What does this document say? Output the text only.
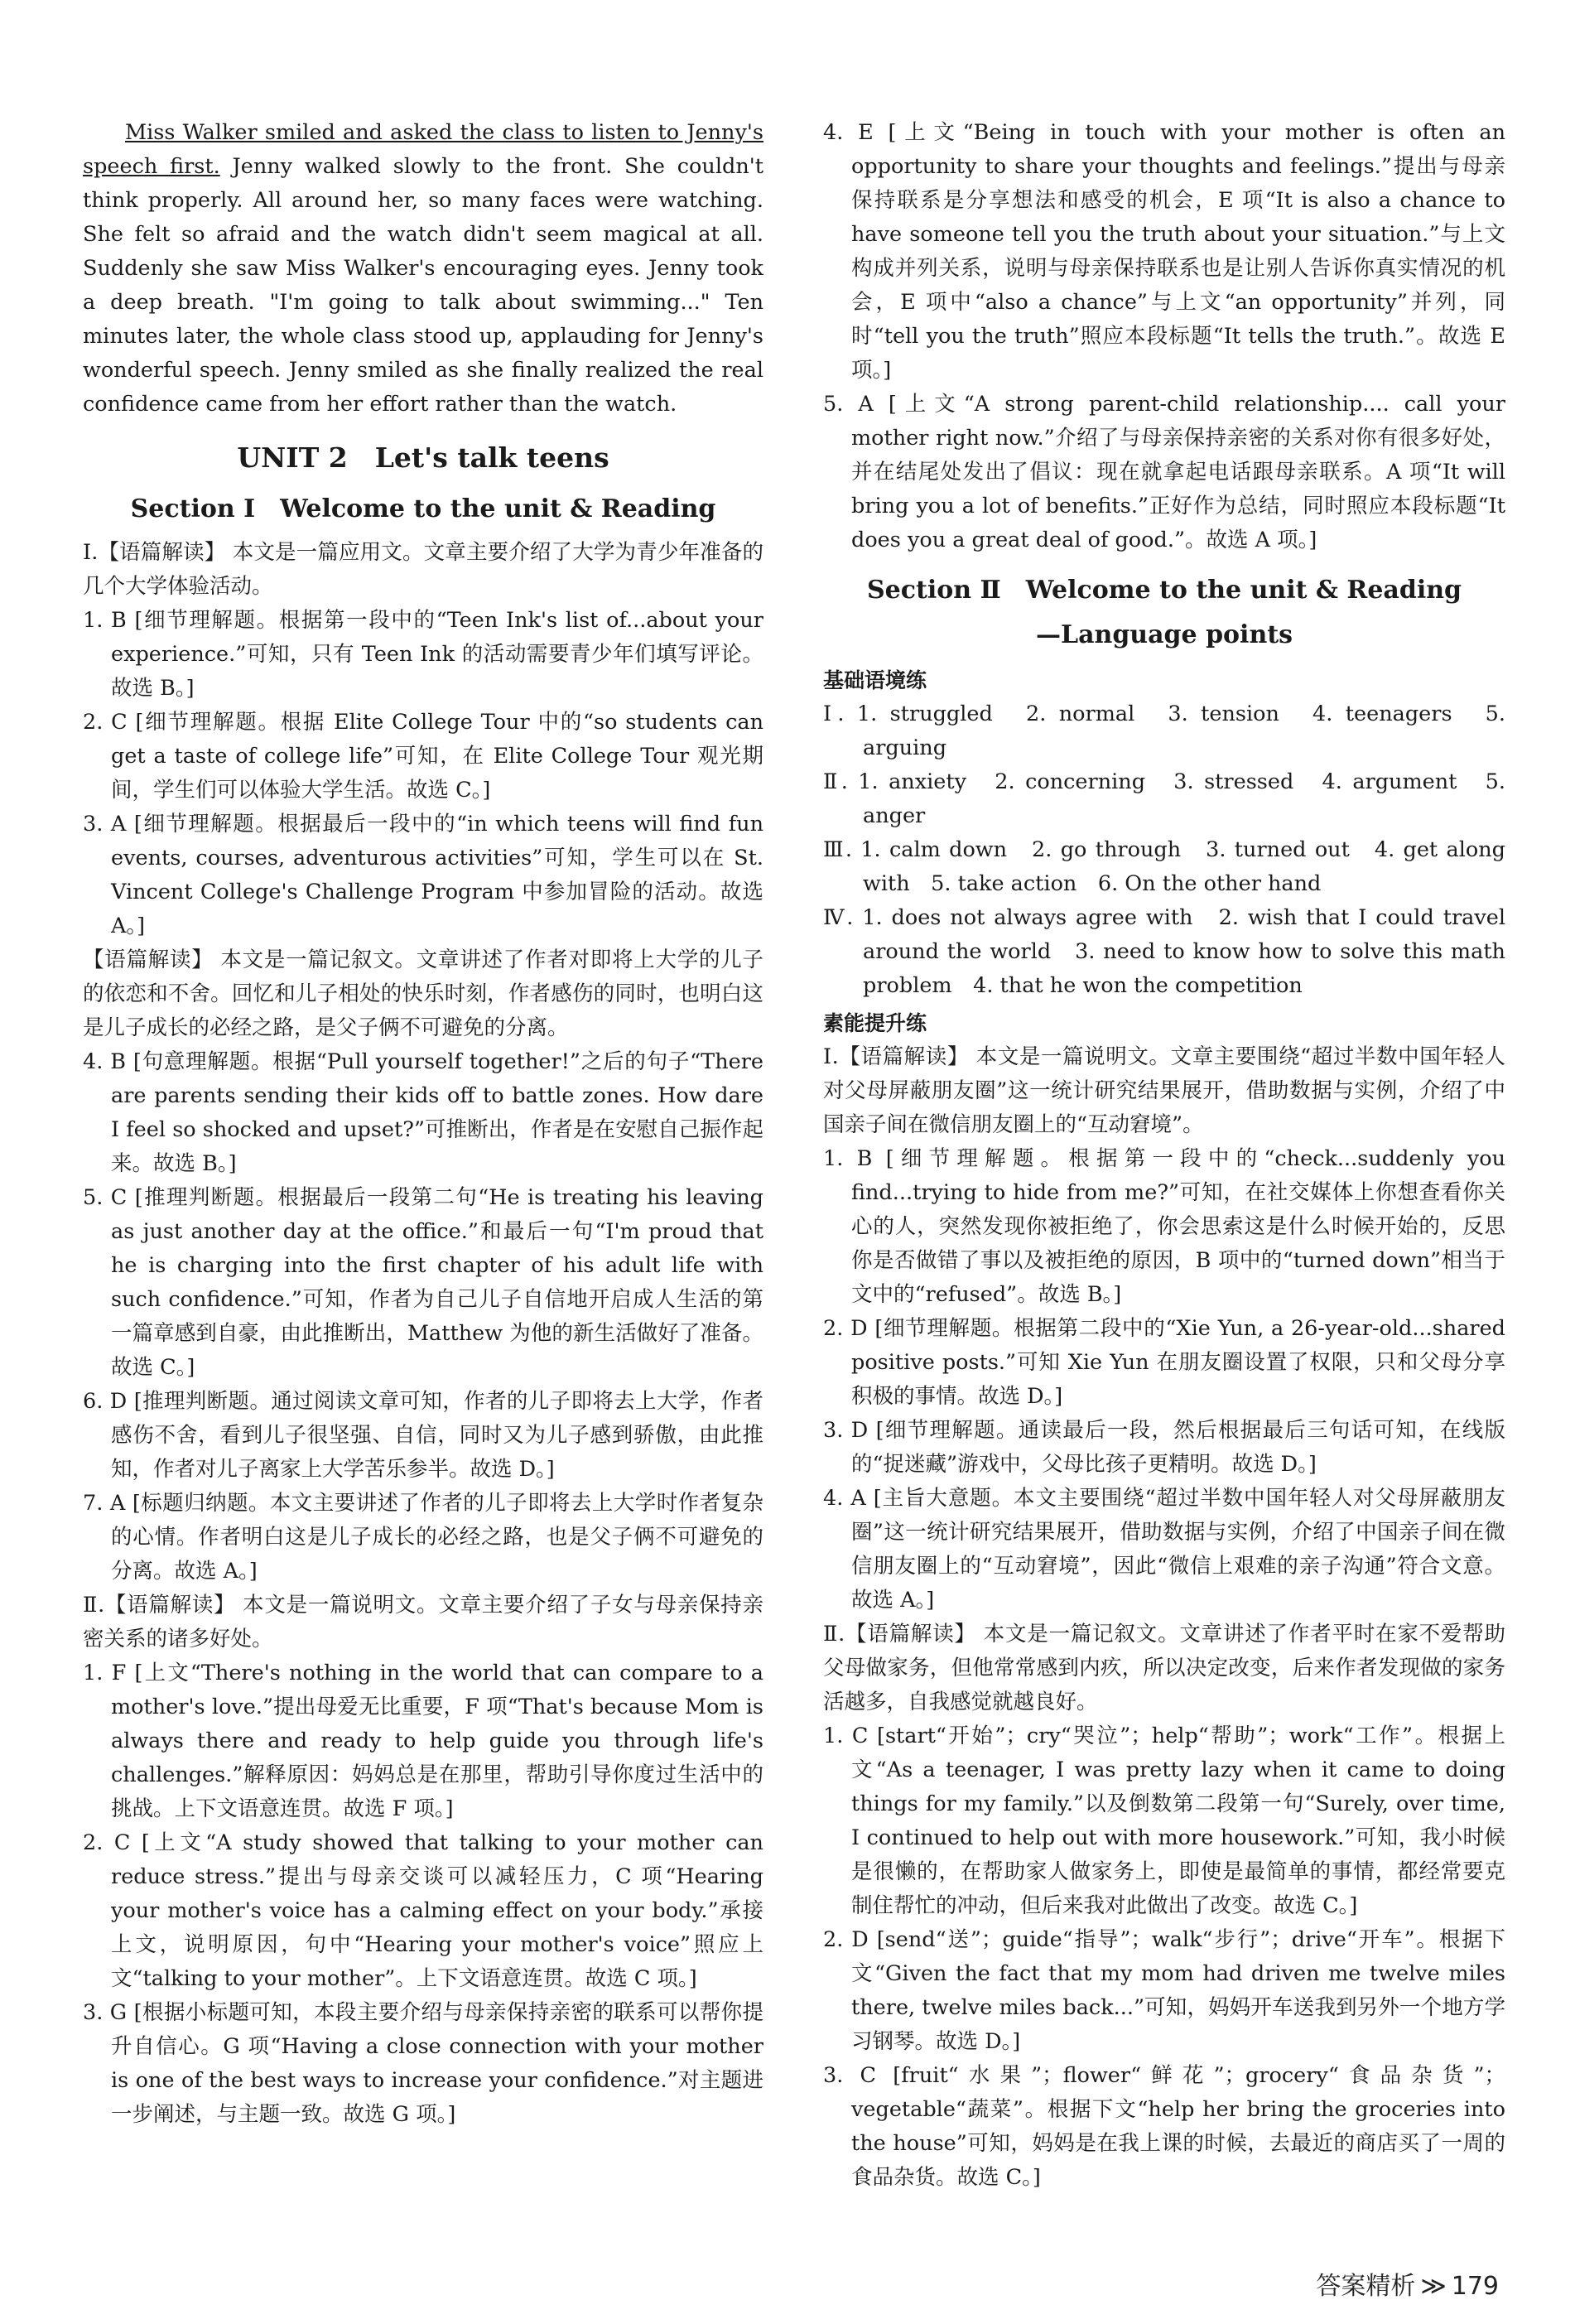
Miss Walker smiled and asked the class to listen to Jenny's speech first. Jenny walked slowly to the front. She couldn't think properly. All around her, so many faces were watching. She felt so afraid and the watch didn't seem magical at all. Suddenly she saw Miss Walker's encouraging eyes. Jenny took a deep breath. "I'm going to talk about swimming..." Ten minutes later, the whole class stood up, applauding for Jenny's wonderful speech. Jenny smiled as she finally realized the real confidence came from her effort rather than the watch.

UNIT 2　Let's talk teens
Section Ⅰ　Welcome to the unit & Reading

Ⅰ.【语篇解读】 本文是一篇应用文。文章主要介绍了大学为青少年准备的几个大学体验活动。

1. B [细节理解题。根据第一段中的“Teen Ink's list of...about your experience.”可知，只有 Teen Ink 的活动需要青少年们填写评论。故选 B。]

2. C [细节理解题。根据 Elite College Tour 中的“so students can get a taste of college life”可知，在 Elite College Tour 观光期间，学生们可以体验大学生活。故选 C。]

3. A [细节理解题。根据最后一段中的“in which teens will find fun events, courses, adventurous activities”可知，学生可以在 St. Vincent College's Challenge Program 中参加冒险的活动。故选 A。]

【语篇解读】 本文是一篇记叙文。文章讲述了作者对即将上大学的儿子的依恋和不舍。回忆和儿子相处的快乐时刻，作者感伤的同时，也明白这是儿子成长的必经之路，是父子俩不可避免的分离。

4. B [句意理解题。根据“Pull yourself together!”之后的句子“There are parents sending their kids off to battle zones. How dare I feel so shocked and upset?”可推断出，作者是在安慰自己振作起来。故选 B。]

5. C [推理判断题。根据最后一段第二句“He is treating his leaving as just another day at the office.”和最后一句“I'm proud that he is charging into the first chapter of his adult life with such confidence.”可知，作者为自己儿子自信地开启成人生活的第一篇章感到自豪，由此推断出，Matthew 为他的新生活做好了准备。故选 C。]

6. D [推理判断题。通过阅读文章可知，作者的儿子即将去上大学，作者感伤不舍，看到儿子很坚强、自信，同时又为儿子感到骄傲，由此推知，作者对儿子离家上大学苦乐参半。故选 D。]

7. A [标题归纳题。本文主要讲述了作者的儿子即将去上大学时作者复杂的心情。作者明白这是儿子成长的必经之路，也是父子俩不可避免的分离。故选 A。]

Ⅱ.【语篇解读】 本文是一篇说明文。文章主要介绍了子女与母亲保持亲密关系的诸多好处。

1. F [上文“There's nothing in the world that can compare to a mother's love.”提出母爱无比重要，F 项“That's because Mom is always there and ready to help guide you through life's challenges.”解释原因：妈妈总是在那里，帮助引导你度过生活中的挑战。上下文语意连贯。故选 F 项。]

2. C [上文“A study showed that talking to your mother can reduce stress.”提出与母亲交谈可以减轻压力，C 项“Hearing your mother's voice has a calming effect on your body.”承接上文，说明原因，句中“Hearing your mother's voice”照应上文“talking to your mother”。上下文语意连贯。故选 C 项。]

3. G [根据小标题可知，本段主要介绍与母亲保持亲密的联系可以帮你提升自信心。G 项“Having a close connection with your mother is one of the best ways to increase your confidence.”对主题进一步阐述，与主题一致。故选 G 项。]

4. E [上文“Being in touch with your mother is often an opportunity to share your thoughts and feelings.”提出与母亲保持联系是分享想法和感受的机会，E 项“It is also a chance to have someone tell you the truth about your situation.”与上文构成并列关系，说明与母亲保持联系也是让别人告诉你真实情况的机会，E 项中“also a chance”与上文“an opportunity”并列，同时“tell you the truth”照应本段标题“It tells the truth.”。故选 E 项。]

5. A [上文“A strong parent-child relationship.... call your mother right now.”介绍了与母亲保持亲密的关系对你有很多好处，并在结尾处发出了倡议：现在就拿起电话跟母亲联系。A 项“It will bring you a lot of benefits.”正好作为总结，同时照应本段标题“It does you a great deal of good.”。故选 A 项。]

Section Ⅱ　Welcome to the unit & Reading
—Language points
基础语境练

Ⅰ. 1. struggled　2. normal　3. tension　4. teenagers　5. arguing

Ⅱ. 1. anxiety　2. concerning　3. stressed　4. argument　5. anger

Ⅲ. 1. calm down　2. go through　3. turned out　4. get along with　5. take action　6. On the other hand

Ⅳ. 1. does not always agree with　2. wish that I could travel around the world　3. need to know how to solve this math problem　4. that he won the competition

素能提升练

Ⅰ.【语篇解读】 本文是一篇说明文。文章主要围绕“超过半数中国年轻人对父母屏蔽朋友圈”这一统计研究结果展开，借助数据与实例，介绍了中国亲子间在微信朋友圈上的“互动窘境”。

1. B [细节理解题。根据第一段中的“check...suddenly you find...trying to hide from me?”可知，在社交媒体上你想查看你关心的人，突然发现你被拒绝了，你会思索这是什么时候开始的，反思你是否做错了事以及被拒绝的原因，B 项中的“turned down”相当于文中的“refused”。故选 B。]

2. D [细节理解题。根据第二段中的“Xie Yun, a 26-year-old...shared positive posts.”可知 Xie Yun 在朋友圈设置了权限，只和父母分享积极的事情。故选 D。]

3. D [细节理解题。通读最后一段，然后根据最后三句话可知，在线版的“捉迷藏”游戏中，父母比孩子更精明。故选 D。]

4. A [主旨大意题。本文主要围绕“超过半数中国年轻人对父母屏蔽朋友圈”这一统计研究结果展开，借助数据与实例，介绍了中国亲子间在微信朋友圈上的“互动窘境”，因此“微信上艰难的亲子沟通”符合文意。故选 A。]

Ⅱ.【语篇解读】 本文是一篇记叙文。文章讲述了作者平时在家不爱帮助父母做家务，但他常常感到内疚，所以决定改变，后来作者发现做的家务活越多，自我感觉就越良好。

1. C [start“开始”；cry“哭泣”；help“帮助”；work“工作”。根据上文“As a teenager, I was pretty lazy when it came to doing things for my family.”以及倒数第二段第一句“Surely, over time, I continued to help out with more housework.”可知，我小时候是很懒的，在帮助家人做家务上，即使是最简单的事情，都经常要克制住帮忙的冲动，但后来我对此做出了改变。故选 C。]

2. D [send“送”；guide“指导”；walk“步行”；drive“开车”。根据下文“Given the fact that my mom had driven me twelve miles there, twelve miles back...”可知，妈妈开车送我到另外一个地方学习钢琴。故选 D。]

3. C [fruit“水果”；flower“鲜花”；grocery“食品杂货”；vegetable“蔬菜”。根据下文“help her bring the groceries into the house”可知，妈妈是在我上课的时候，去最近的商店买了一周的食品杂货。故选 C。]

答案精析 ≫ 179
